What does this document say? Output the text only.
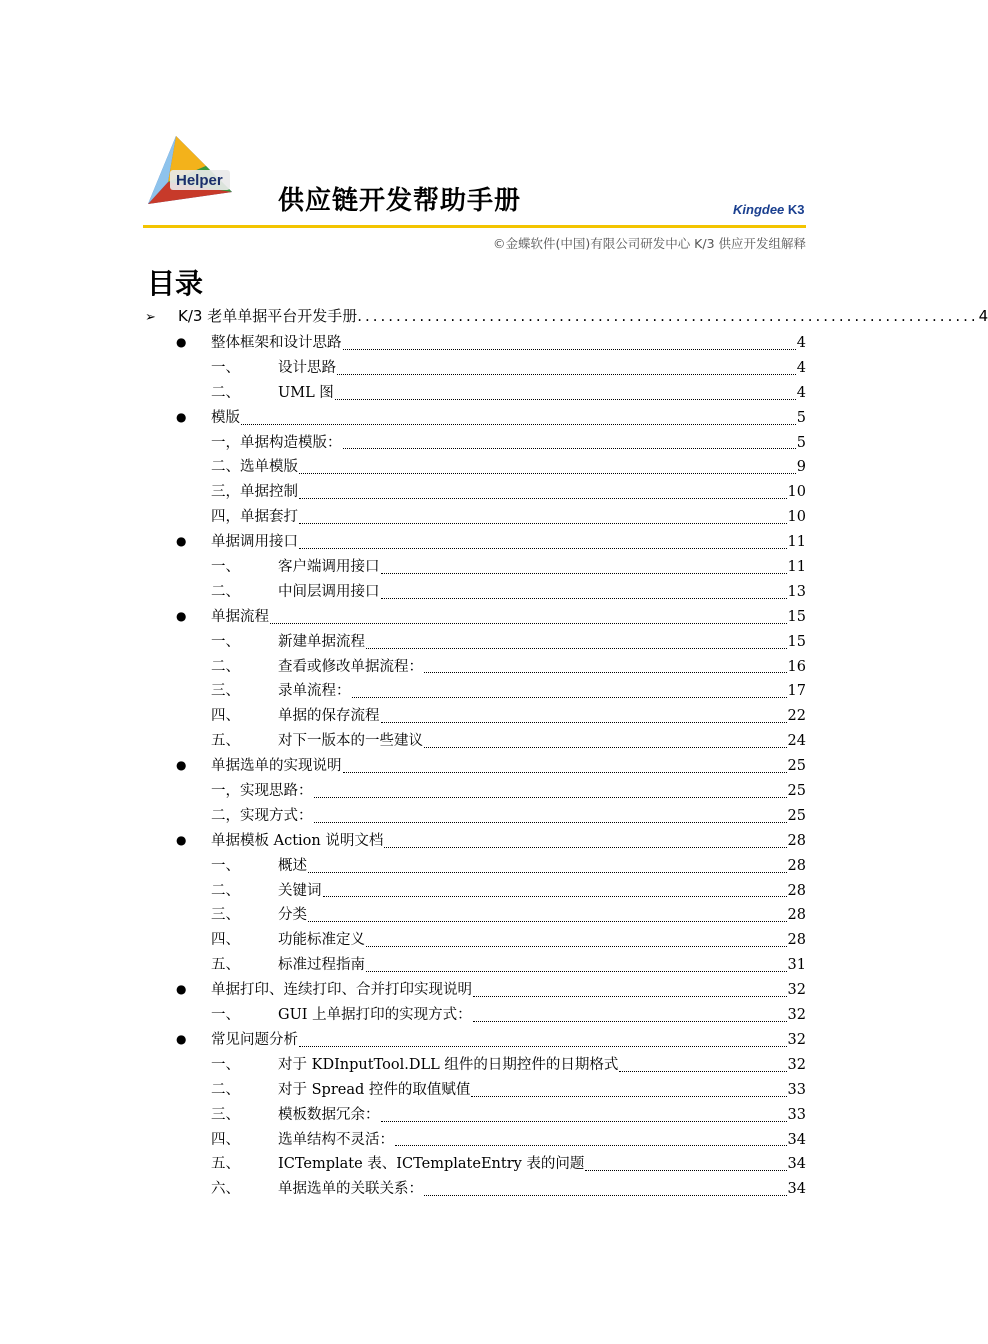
Helper
供应链开发帮助手册	Kingdee K3
©金蝶软件(中国)有限公司研发中心 K/3 供应开发组解释
目录
➢	K/3 老单单据平台开发手册 ................................................................................ 4
●	整体框架和设计思路	4
一、	设计思路	4
二、	UML 图	4
●	模版	5
一，单据构造模版：	5
二、选单模版	9
三，单据控制	10
四，单据套打	10
●	单据调用接口	11
一、	客户端调用接口	11
二、	中间层调用接口	13
●	单据流程	15
一、	新建单据流程	15
二、	查看或修改单据流程：	16
三、	录单流程：	17
四、	单据的保存流程	22
五、	对下一版本的一些建议	24
●	单据选单的实现说明	25
一，实现思路：	25
二，实现方式：	25
●	单据模板 Action 说明文档	28
一、	概述	28
二、	关键词	28
三、	分类	28
四、	功能标准定义	28
五、	标准过程指南	31
●	单据打印、连续打印、合并打印实现说明	32
一、	GUI 上单据打印的实现方式：	32
●	常见问题分析	32
一、	对于 KDInputTool.DLL 组件的日期控件的日期格式	32
二、	对于 Spread 控件的取值赋值	33
三、	模板数据冗余：	33
四、	选单结构不灵活：	34
五、	ICTemplate 表、ICTemplateEntry 表的问题	34
六、	单据选单的关联关系：	34
